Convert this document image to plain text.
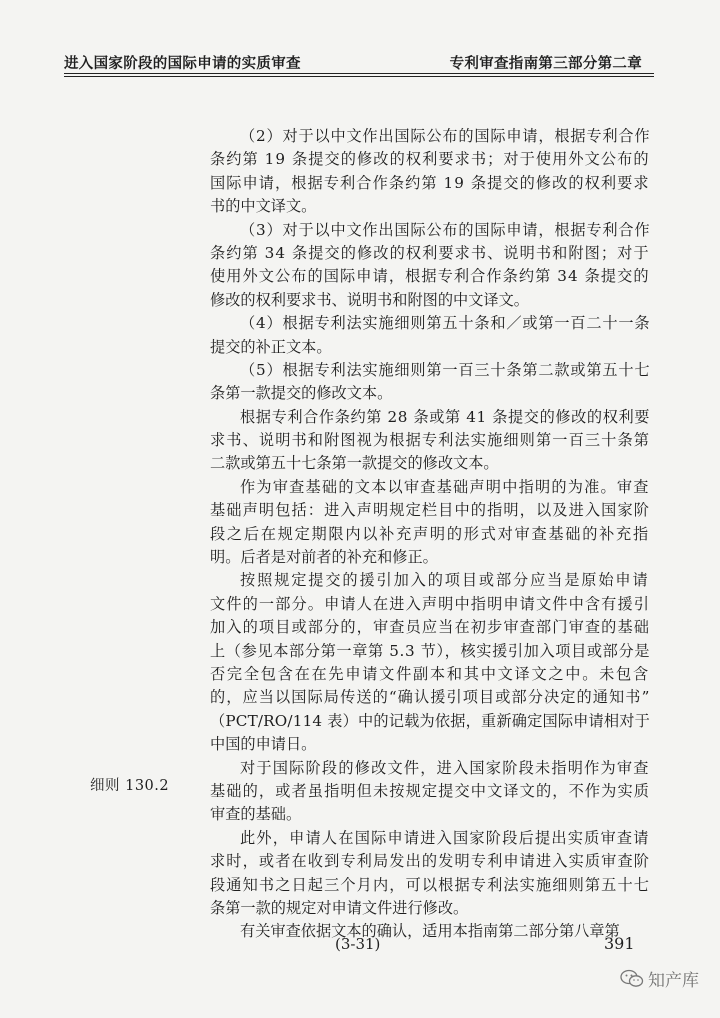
进入国家阶段的国际申请的实质审查	专利审查指南第三部分第二章
（2）对于以中文作出国际公布的国际申请，根据专利合作
条约第 19 条提交的修改的权利要求书；对于使用外文公布的
国际申请，根据专利合作条约第 19 条提交的修改的权利要求
书的中文译文。
（3）对于以中文作出国际公布的国际申请，根据专利合作
条约第 34 条提交的修改的权利要求书、说明书和附图；对于
使用外文公布的国际申请，根据专利合作条约第 34 条提交的
修改的权利要求书、说明书和附图的中文译文。
（4）根据专利法实施细则第五十条和／或第一百二十一条
提交的补正文本。
（5）根据专利法实施细则第一百三十条第二款或第五十七
条第一款提交的修改文本。
根据专利合作条约第 28 条或第 41 条提交的修改的权利要
求书、说明书和附图视为根据专利法实施细则第一百三十条第
二款或第五十七条第一款提交的修改文本。
作为审查基础的文本以审查基础声明中指明的为准。审查
基础声明包括：进入声明规定栏目中的指明，以及进入国家阶
段之后在规定期限内以补充声明的形式对审查基础的补充指
明。后者是对前者的补充和修正。
按照规定提交的援引加入的项目或部分应当是原始申请
文件的一部分。申请人在进入声明中指明申请文件中含有援引
加入的项目或部分的，审查员应当在初步审查部门审查的基础
上（参见本部分第一章第 5.3 节），核实援引加入项目或部分是
否完全包含在在先申请文件副本和其中文译文之中。未包含
的，应当以国际局传送的“确认援引项目或部分决定的通知书”
（PCT/RO/114 表）中的记载为依据，重新确定国际申请相对于
中国的申请日。
对于国际阶段的修改文件，进入国家阶段未指明作为审查
基础的，或者虽指明但未按规定提交中文译文的，不作为实质
审查的基础。
此外，申请人在国际申请进入国家阶段后提出实质审查请
求时，或者在收到专利局发出的发明专利申请进入实质审查阶
段通知书之日起三个月内，可以根据专利法实施细则第五十七
条第一款的规定对申请文件进行修改。
有关审查依据文本的确认，适用本指南第二部分第八章第
细则 130.2
(3-31)	391
知产库
